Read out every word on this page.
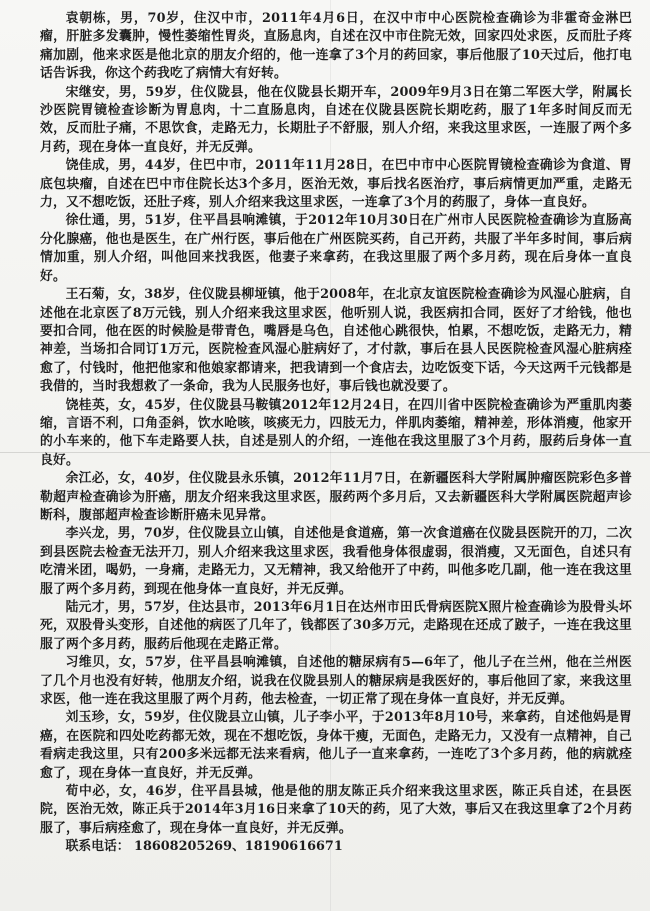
袁朝栋，男，70岁，住汉中市，2011年4月6日，在汉中市中心医院检查确诊为非霍奇金淋巴瘤，肝脏多发囊肿，慢性萎缩性胃炎，直肠息肉，自述在汉中市住院无效，回家四处求医，反而肚子疼痛加剧，他来求医是他北京的朋友介绍的，他一连拿了3个月的药回家，事后他服了10天过后，他打电话告诉我，你这个药我吃了病情大有好转。

宋继安，男，59岁，住仪陇县，他在仪陇县长期开车，2009年9月3日在第二军医大学，附属长沙医院胃镜检查诊断为胃息肉，十二直肠息肉，自述在仪陇县医院长期吃药，服了1年多时间反而无效，反而肚子痛，不思饮食，走路无力，长期肚子不舒服，别人介绍，来我这里求医，一连服了两个多月药，现在身体一直良好，并无反弹。

饶佳成，男，44岁，住巴中市，2011年11月28日，在巴中市中心医院胃镜检查确诊为食道、胃底包块瘤，自述在巴中市住院长达3个多月，医治无效，事后找名医治疗，事后病情更加严重，走路无力，又不想吃饭，还肚子疼，别人介绍来我这里求医，一连拿了3个月的药服了，身体一直良好。

徐仕通，男，51岁，住平昌县响滩镇，于2012年10月30日在广州市人民医院检查确诊为直肠高分化腺癌，他也是医生，在广州行医，事后他在广州医院买药，自己开药，共服了半年多时间，事后病情加重，别人介绍，叫他回来找我医，他妻子来拿药，在我这里服了两个多月药，现在后身体一直良好。

王石菊，女，38岁，住仪陇县柳垭镇，他于2008年，在北京友谊医院检查确诊为风湿心脏病，自述他在北京医了8万元钱，别人介绍来我这里求医，他听别人说，我医病扣合同，医好了才给钱，他也要扣合同，他在医的时候脸是带青色，嘴唇是乌色，自述他心跳很快，怕累，不想吃饭，走路无力，精神差，当场扣合同订1万元，医院检查风湿心脏病好了，才付款，事后在县人民医院检查风湿心脏病痊愈了，付钱时，他把他家和他娘家都请来，把我请到一个食店去，边吃饭变下话，今天这两千元钱都是我借的，当时我想救了一条命，我为人民服务也好，事后钱也就没要了。

饶桂英，女，45岁，住仪陇县马鞍镇2012年12月24日，在四川省中医院检查确诊为严重肌肉萎缩，言语不利，口角歪斜，饮水呛咳，咳痰无力，四肢无力，伴肌肉萎缩，精神差，形体消瘦，他家开的小车来的，他下车走路要人扶，自述是别人的介绍，一连他在我这里服了3个月药，服药后身体一直良好。

余江必，女，40岁，住仪陇县永乐镇，2012年11月7日，在新疆医科大学附属肿瘤医院彩色多普勒超声检查确诊为肝癌，朋友介绍来我这里求医，服药两个多月后，又去新疆医科大学附属医院超声诊断科，腹部超声检查诊断肝癌未见异常。

李兴龙，男，70岁，住仪陇县立山镇，自述他是食道癌，第一次食道癌在仪陇县医院开的刀，二次到县医院去检查无法开刀，别人介绍来我这里求医，我看他身体很虚弱，很消瘦，又无面色，自述只有吃清米团，喝奶，一身痛，走路无力，又无精神，我又给他开了中药，叫他多吃几副，他一连在我这里服了两个多月药，到现在他身体一直良好，并无反弹。

陆元才，男，57岁，住达县市，2013年6月1日在达州市田氏骨病医院X照片检查确诊为股骨头坏死，双股骨头变形，自述他的病医了几年了，钱都医了30多万元，走路现在还成了跛子，一连在我这里服了两个多月药，服药后他现在走路正常。

习维贝，女，57岁，住平昌县响滩镇，自述他的糖尿病有5—6年了，他儿子在兰州，他在兰州医了几个月也没有好转，他朋友介绍，说我在仪陇县别人的糖尿病是我医好的，事后他回了家，来我这里求医，他一连在我这里服了两个月药，他去检查，一切正常了现在身体一直良好，并无反弹。

刘玉珍，女，59岁，住仪陇县立山镇，儿子李小平，于2013年8月10号，来拿药，自述他妈是胃癌，在医院和四处吃药都无效，现在不想吃饭，身体干瘦，无面色，走路无力，又没有一点精神，自己看病走我这里，只有200多米远都无法来看病，他儿子一直来拿药，一连吃了3个多月药，他的病就痊愈了，现在身体一直良好，并无反弹。

荀中必，女，46岁，住平昌县城，他是他的朋友陈正兵介绍来我这里求医，陈正兵自述，在县医院，医治无效，陈正兵于2014年3月16日来拿了10天的药，见了大效，事后又在我这里拿了2个月药服了，事后病痊愈了，现在身体一直良好，并无反弹。

联系电话： 18608205269、18190616671
